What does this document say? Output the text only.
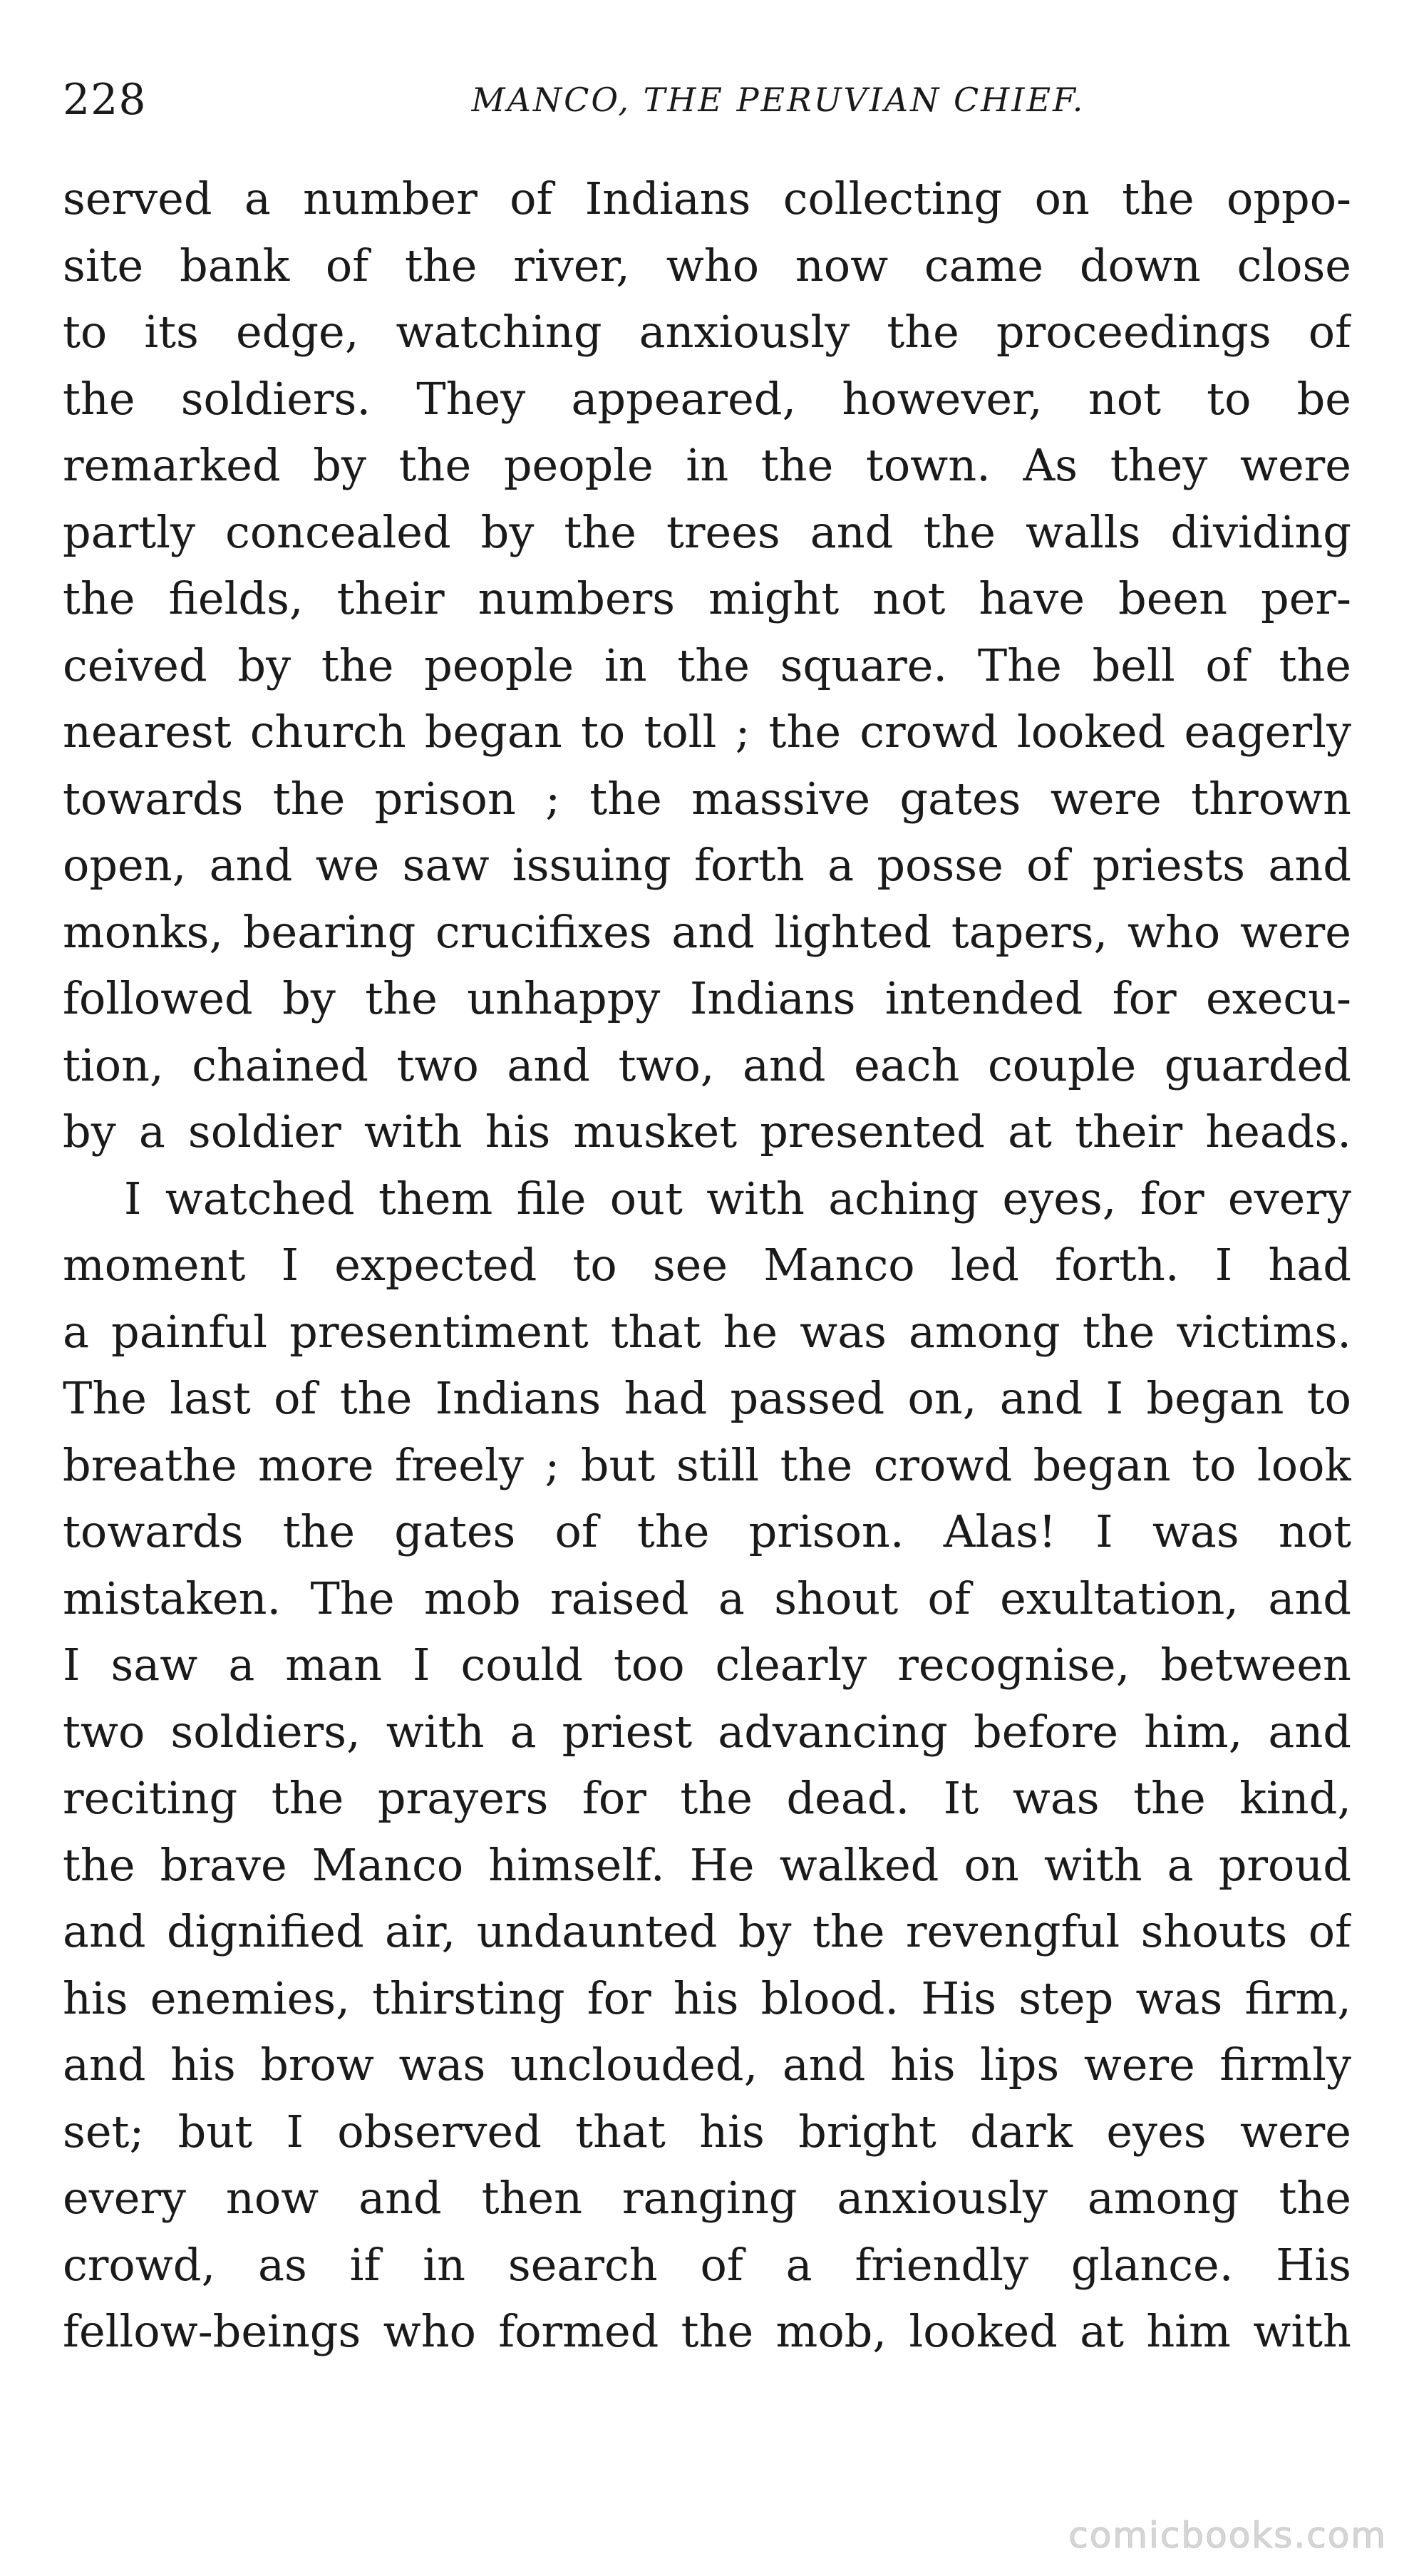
228	MANCO, THE PERUVIAN CHIEF.
served a number of Indians collecting on the oppo-
site bank of the river, who now came down close
to its edge, watching anxiously the proceedings of
the soldiers. They appeared, however, not to be
remarked by the people in the town. As they were
partly concealed by the trees and the walls dividing
the fields, their numbers might not have been per-
ceived by the people in the square. The bell of the
nearest church began to toll ; the crowd looked eagerly
towards the prison ; the massive gates were thrown
open, and we saw issuing forth a posse of priests and
monks, bearing crucifixes and lighted tapers, who were
followed by the unhappy Indians intended for execu-
tion, chained two and two, and each couple guarded
by a soldier with his musket presented at their heads.
I watched them file out with aching eyes, for every
moment I expected to see Manco led forth. I had
a painful presentiment that he was among the victims.
The last of the Indians had passed on, and I began to
breathe more freely ; but still the crowd began to look
towards the gates of the prison. Alas! I was not
mistaken. The mob raised a shout of exultation, and
I saw a man I could too clearly recognise, between
two soldiers, with a priest advancing before him, and
reciting the prayers for the dead. It was the kind,
the brave Manco himself. He walked on with a proud
and dignified air, undaunted by the revengful shouts of
his enemies, thirsting for his blood. His step was firm,
and his brow was unclouded, and his lips were firmly
set; but I observed that his bright dark eyes were
every now and then ranging anxiously among the
crowd, as if in search of a friendly glance. His
fellow-beings who formed the mob, looked at him with
comicbooks.com
